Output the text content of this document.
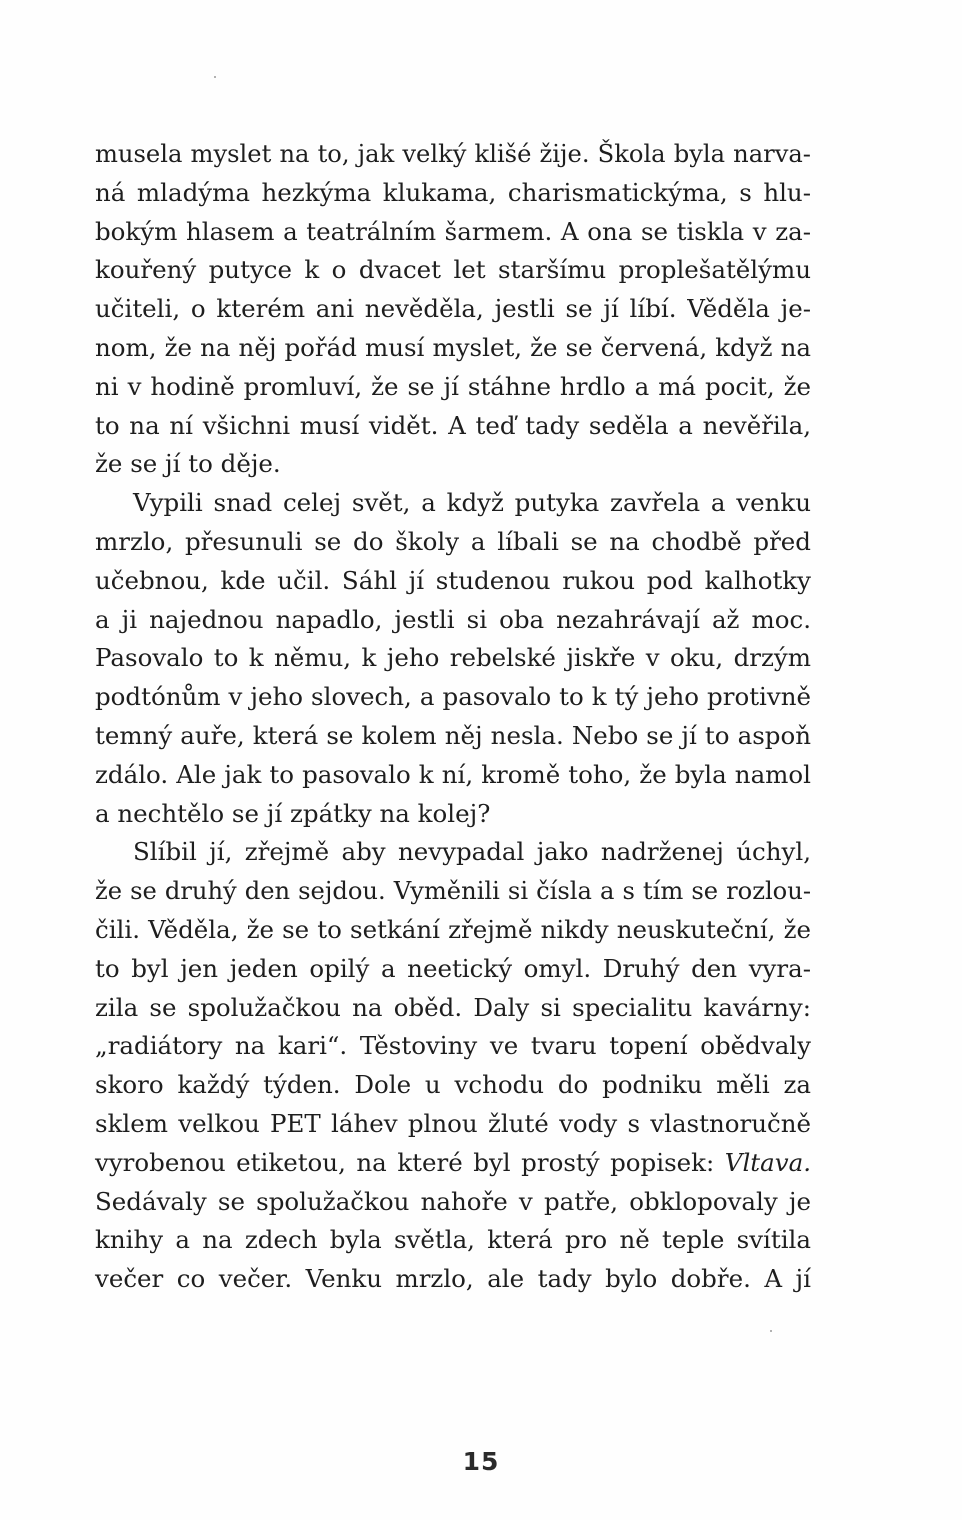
musela myslet na to, jak velký klišé žije. Škola byla narva-
ná mladýma hezkýma klukama, charismatickýma, s hlu-
bokým hlasem a teatrálním šarmem. A ona se tiskla v za-
kouřený putyce k o dvacet let staršímu proplešatělýmu
učiteli, o kterém ani nevěděla, jestli se jí líbí. Věděla je-
nom, že na něj pořád musí myslet, že se červená, když na
ni v hodině promluví, že se jí stáhne hrdlo a má pocit, že
to na ní všichni musí vidět. A teď tady seděla a nevěřila,
že se jí to děje.
Vypili snad celej svět, a když putyka zavřela a venku
mrzlo, přesunuli se do školy a líbali se na chodbě před
učebnou, kde učil. Sáhl jí studenou rukou pod kalhotky
a ji najednou napadlo, jestli si oba nezahrávají až moc.
Pasovalo to k němu, k jeho rebelské jiskře v oku, drzým
podtónům v jeho slovech, a pasovalo to k tý jeho protivně
temný auře, která se kolem něj nesla. Nebo se jí to aspoň
zdálo. Ale jak to pasovalo k ní, kromě toho, že byla namol
a nechtělo se jí zpátky na kolej?
Slíbil jí, zřejmě aby nevypadal jako nadrženej úchyl,
že se druhý den sejdou. Vyměnili si čísla a s tím se rozlou-
čili. Věděla, že se to setkání zřejmě nikdy neuskuteční, že
to byl jen jeden opilý a neetický omyl. Druhý den vyra-
zila se spolužačkou na oběd. Daly si specialitu kavárny:
„radiátory na kari“. Těstoviny ve tvaru topení obědvaly
skoro každý týden. Dole u vchodu do podniku měli za
sklem velkou PET láhev plnou žluté vody s vlastnoručně
vyrobenou etiketou, na které byl prostý popisek: Vltava.
Sedávaly se spolužačkou nahoře v patře, obklopovaly je
knihy a na zdech byla světla, která pro ně teple svítila
večer co večer. Venku mrzlo, ale tady bylo dobře. A jí
15
